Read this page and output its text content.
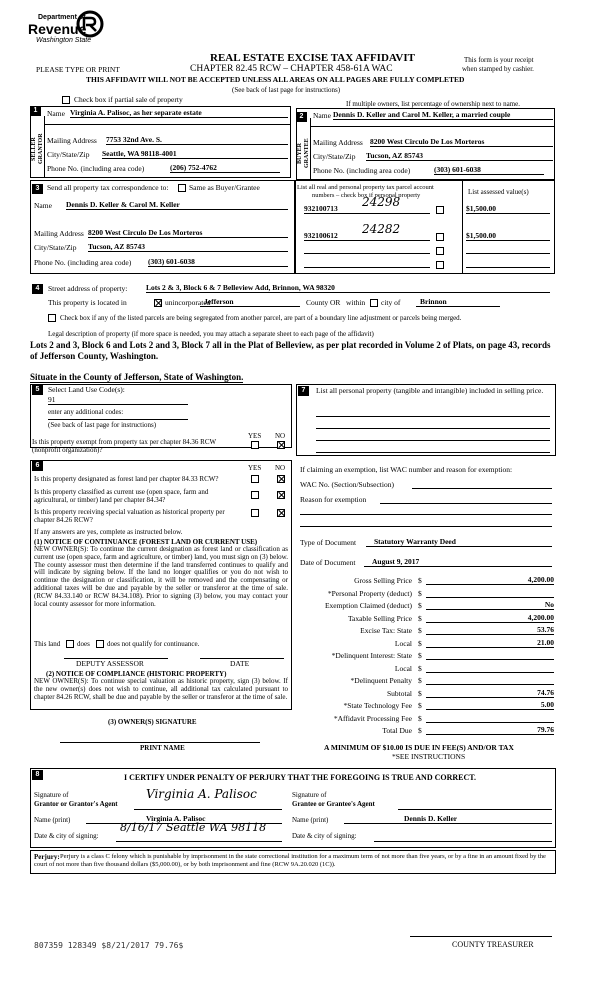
Department of
Revenue
Washington State
REAL ESTATE EXCISE TAX AFFIDAVIT
CHAPTER 82.45 RCW – CHAPTER 458-61A WAC
PLEASE TYPE OR PRINT
This form is your receipt
when stamped by cashier.
THIS AFFIDAVIT WILL NOT BE ACCEPTED UNLESS ALL AREAS ON ALL PAGES ARE FULLY COMPLETED
(See back of last page for instructions)
Check box if partial sale of property	If multiple owners, list percentage of ownership next to name.
1
SELLER GRANTOR
Name Virginia A. Palisoc, as her separate estate
Mailing Address 7753 32nd Ave. S.
City/State/Zip Seattle, WA 98118-4001
Phone No. (including area code)	(206) 752-4762
2
BUYER GRANTEE
Name Dennis D. Keller and Carol M. Keller, a married couple
Mailing Address 8200 West Circulo De Los Morteros
City/State/Zip Tucson, AZ 85743
Phone No. (including area code)	(303) 601-6038
3	Send all property tax correspondence to:	Same as Buyer/Grantee
Name Dennis D. Keller & Carol M. Keller
Mailing Address 8200 West Circulo De Los Morteros
City/State/Zip Tucson, AZ 85743
Phone No. (including area code) (303) 601-6038
List all real and personal property tax parcel account
numbers – check box if personal property	List assessed value(s)
932100713	24298	$1,500.00
932100612	24282	$1,500.00
4	Street address of property: Lots 2 & 3, Block 6 & 7 Belleview Add, Brinnon, WA 98320
This property is located in	unincorporated
Jefferson	County OR within city of	Brinnon
Check box if any of the listed parcels are being segregated from another parcel, are part of a boundary line adjustment or parcels being merged.
Legal description of property (if more space is needed, you may attach a separate sheet to each page of the affidavit)
Lots 2 and 3, Block 6 and Lots 2 and 3, Block 7 all in the Plat of Belleview, as per plat recorded in Volume 2 of Plats, on page 43, records of Jefferson County, Washington.
Situate in the County of Jefferson, State of Washington.
5	Select Land Use Code(s):
91
enter any additional codes:
(See back of last page for instructions)
YES NO
Is this property exempt from property tax per chapter 84.36 RCW (nonprofit organization)?
6	YES NO
Is this property designated as forest land per chapter 84.33 RCW?
Is this property classified as current use (open space, farm and agricultural, or timber) land per chapter 84.34?
Is this property receiving special valuation as historical property per chapter 84.26 RCW?
If any answers are yes, complete as instructed below.
(1) NOTICE OF CONTINUANCE (FOREST LAND OR CURRENT USE)
NEW OWNER(S): To continue the current designation as forest land or classification as current use (open space, farm and agriculture, or timber) land, you must sign on (3) below. The county assessor must then determine if the land transferred continues to qualify and will indicate by signing below. If the land no longer qualifies or you do not wish to continue the designation or classification, it will be removed and the compensating or additional taxes will be due and payable by the seller or transferor at the time of sale. (RCW 84.33.140 or RCW 84.34.108). Prior to signing (3) below, you may contact your local county assessor for more information.
This land does does not qualify for continuance.
DEPUTY ASSESSOR	DATE
(2) NOTICE OF COMPLIANCE (HISTORIC PROPERTY)
NEW OWNER(S): To continue special valuation as historic property, sign (3) below. If the new owner(s) does not wish to continue, all additional tax calculated pursuant to chapter 84.26 RCW, shall be due and payable by the seller or transferor at the time of sale.
(3) OWNER(S) SIGNATURE
PRINT NAME
7	List all personal property (tangible and intangible) included in selling price.
If claiming an exemption, list WAC number and reason for exemption:
WAC No. (Section/Subsection)
Reason for exemption
Type of Document	Statutory Warranty Deed
Date of Document	August 9, 2017
Gross Selling Price $	4,200.00
*Personal Property (deduct) $
Exemption Claimed (deduct) $	No
Taxable Selling Price $	4,200.00
Excise Tax: State $	53.76
Local $	21.00
*Delinquent Interest: State $
Local $
*Delinquent Penalty $
Subtotal $	74.76
*State Technology Fee $	5.00
*Affidavit Processing Fee $
Total Due $	79.76
A MINIMUM OF $10.00 IS DUE IN FEE(S) AND/OR TAX
*SEE INSTRUCTIONS
8	I CERTIFY UNDER PENALTY OF PERJURY THAT THE FOREGOING IS TRUE AND CORRECT.
Signature of
Grantor or Grantor's Agent
Virginia A. Palisoc	Signature of
Grantee or Grantee's Agent
Name (print)	Virginia A. Palisoc	Name (print)	Dennis D. Keller
Date & city of signing:
8/16/17 Seattle WA 98118
Date & city of signing:
Perjury: Perjury is a class C felony which is punishable by imprisonment in the state correctional institution for a maximum term of not more than five years, or by a fine in an amount fixed by the court of not more than five thousand dollars ($5,000.00), or by both imprisonment and fine (RCW 9A.20.020 (1C)).
807359 128349 $8/21/2017 79.76$	COUNTY TREASURER
